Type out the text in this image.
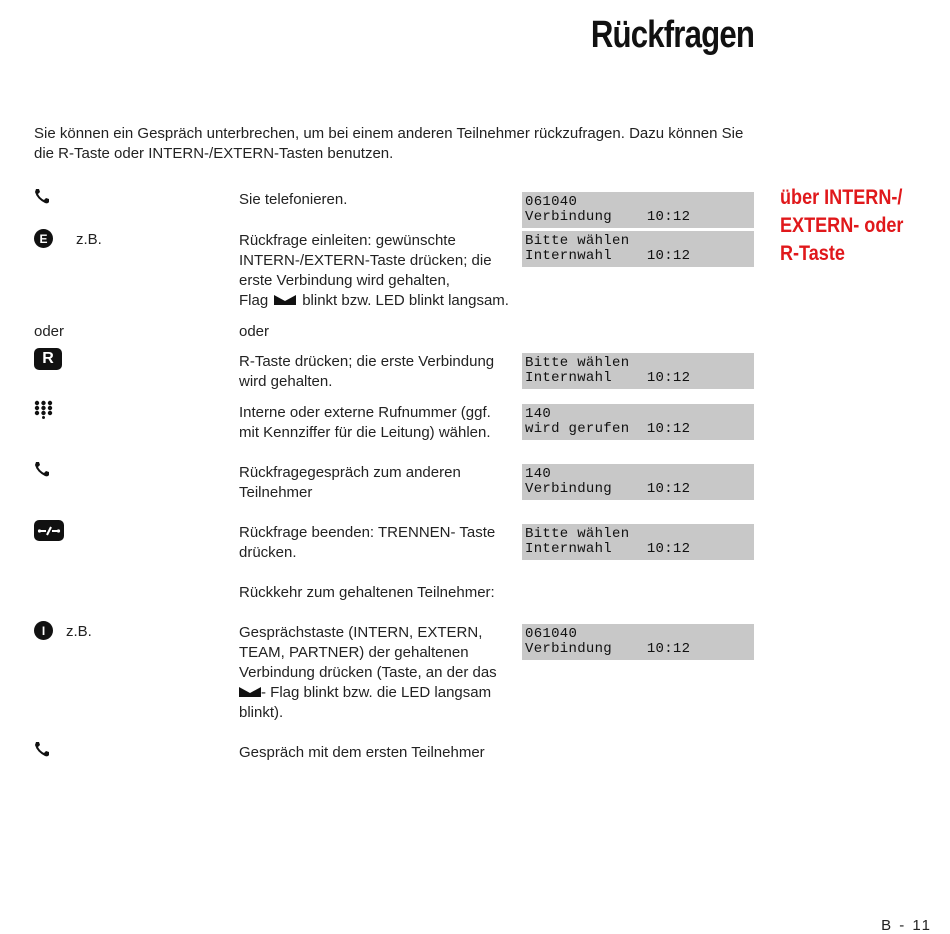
Rückfragen
Sie können ein Gespräch unterbrechen, um bei einem anderen Teilnehmer rückzufragen. Dazu können Sie die R-Taste oder INTERN-/EXTERN-Tasten benutzen.
über INTERN-/ EXTERN- oder R-Taste
Sie telefonieren.	061040
Verbindung    10:12
E	z.B.	Rückfrage einleiten: gewünschte INTERN-/EXTERN-Taste drücken; die erste Verbindung wird gehalten,
Flag blinkt bzw. LED blinkt langsam.
Bitte wählen
Internwahl    10:12
oder	oder
R	R-Taste drücken; die erste Verbindung wird gehalten.
Bitte wählen
Internwahl    10:12
Interne oder externe Rufnummer (ggf. mit Kennziffer für die Leitung) wählen.
140
wird gerufen  10:12
Rückfragegespräch zum anderen Teilnehmer
140
Verbindung    10:12
Rückfrage beenden: TRENNEN- Taste drücken.
Bitte wählen
Internwahl    10:12
Rückkehr zum gehaltenen Teilnehmer:
I	z.B.	Gesprächstaste (INTERN, EXTERN, TEAM, PARTNER) der gehaltenen Verbindung drücken (Taste, an der das
- Flag blinkt bzw. die LED langsam blinkt).
061040
Verbindung    10:12
Gespräch mit dem ersten Teilnehmer
B - 11
